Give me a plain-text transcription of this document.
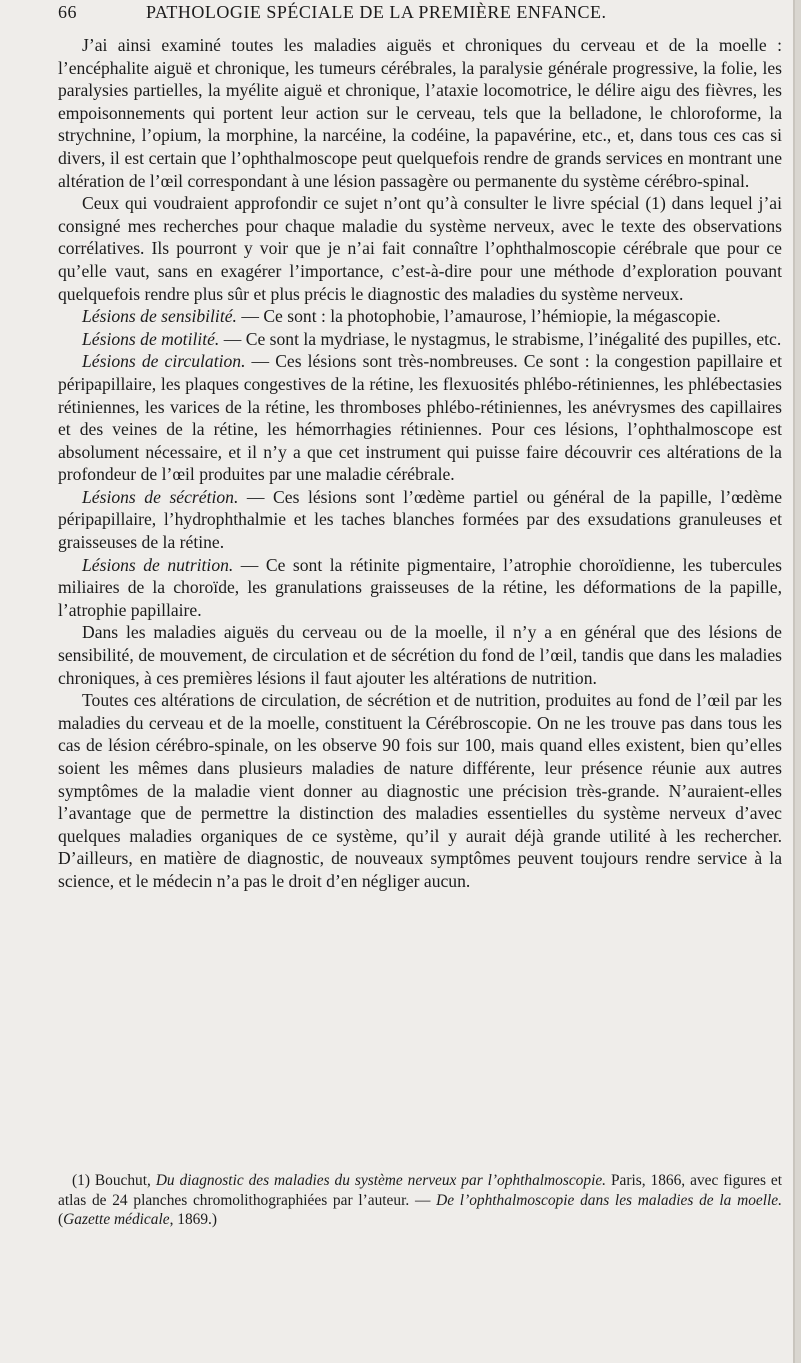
66	PATHOLOGIE SPÉCIALE DE LA PREMIÈRE ENFANCE.

J’ai ainsi examiné toutes les maladies aiguës et chroniques du cerveau et de la moelle : l’encéphalite aiguë et chronique, les tumeurs cérébrales, la paralysie générale progressive, la folie, les paralysies partielles, la myélite aiguë et chronique, l’ataxie locomotrice, le délire aigu des fièvres, les empoisonnements qui portent leur action sur le cerveau, tels que la belladone, le chloroforme, la strychnine, l’opium, la morphine, la narcéine, la codéine, la papavérine, etc., et, dans tous ces cas si divers, il est certain que l’ophthalmoscope peut quelquefois rendre de grands services en montrant une altération de l’œil correspondant à une lésion passagère ou permanente du système cérébro-spinal.

Ceux qui voudraient approfondir ce sujet n’ont qu’à consulter le livre spécial (1) dans lequel j’ai consigné mes recherches pour chaque maladie du système nerveux, avec le texte des observations corrélatives. Ils pourront y voir que je n’ai fait connaître l’ophthalmoscopie cérébrale que pour ce qu’elle vaut, sans en exagérer l’importance, c’est-à-dire pour une méthode d’exploration pouvant quelquefois rendre plus sûr et plus précis le diagnostic des maladies du système nerveux.

Lésions de sensibilité. — Ce sont : la photophobie, l’amaurose, l’hémiopie, la mégascopie.

Lésions de motilité. — Ce sont la mydriase, le nystagmus, le strabisme, l’inégalité des pupilles, etc.

Lésions de circulation. — Ces lésions sont très-nombreuses. Ce sont : la congestion papillaire et péripapillaire, les plaques congestives de la rétine, les flexuosités phlébo-rétiniennes, les phlébectasies rétiniennes, les varices de la rétine, les thromboses phlébo-rétiniennes, les anévrysmes des capillaires et des veines de la rétine, les hémorrhagies rétiniennes. Pour ces lésions, l’ophthalmoscope est absolument nécessaire, et il n’y a que cet instrument qui puisse faire découvrir ces altérations de la profondeur de l’œil produites par une maladie cérébrale.

Lésions de sécrétion. — Ces lésions sont l’œdème partiel ou général de la papille, l’œdème péripapillaire, l’hydrophthalmie et les taches blanches formées par des exsudations granuleuses et graisseuses de la rétine.

Lésions de nutrition. — Ce sont la rétinite pigmentaire, l’atrophie choroïdienne, les tubercules miliaires de la choroïde, les granulations graisseuses de la rétine, les déformations de la papille, l’atrophie papillaire.

Dans les maladies aiguës du cerveau ou de la moelle, il n’y a en général que des lésions de sensibilité, de mouvement, de circulation et de sécrétion du fond de l’œil, tandis que dans les maladies chroniques, à ces premières lésions il faut ajouter les altérations de nutrition.

Toutes ces altérations de circulation, de sécrétion et de nutrition, produites au fond de l’œil par les maladies du cerveau et de la moelle, constituent la Cérébroscopie. On ne les trouve pas dans tous les cas de lésion cérébro-spinale, on les observe 90 fois sur 100, mais quand elles existent, bien qu’elles soient les mêmes dans plusieurs maladies de nature différente, leur présence réunie aux autres symptômes de la maladie vient donner au diagnostic une précision très-grande. N’auraient-elles l’avantage que de permettre la distinction des maladies essentielles du système nerveux d’avec quelques maladies organiques de ce système, qu’il y aurait déjà grande utilité à les rechercher. D’ailleurs, en matière de diagnostic, de nouveaux symptômes peuvent toujours rendre service à la science, et le médecin n’a pas le droit d’en négliger aucun.

(1) Bouchut, Du diagnostic des maladies du système nerveux par l’ophthalmoscopie. Paris, 1866, avec figures et atlas de 24 planches chromolithographiées par l’auteur. — De l’ophthalmoscopie dans les maladies de la moelle. (Gazette médicale, 1869.)
